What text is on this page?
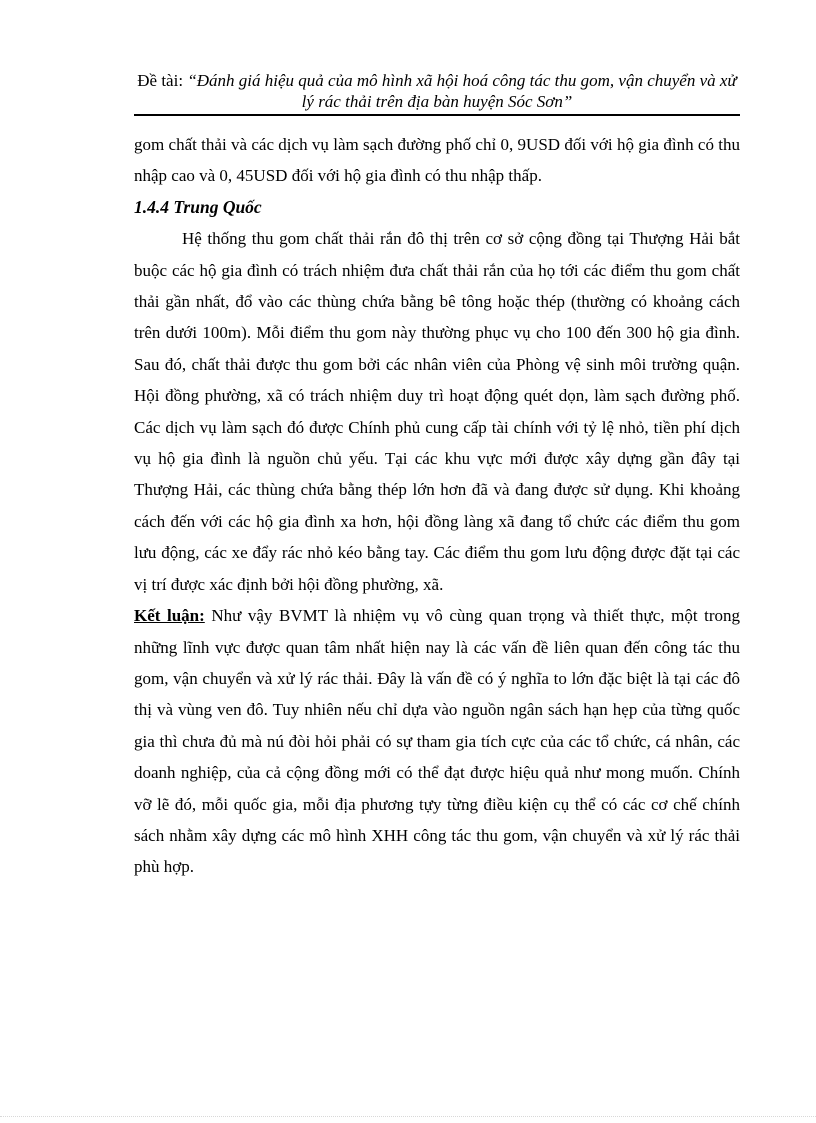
Đề tài: “Đánh giá hiệu quả của mô hình xã hội hoá công tác thu gom, vận chuyển và xử lý rác thải trên địa bàn huyện Sóc Sơn”

gom chất thải và các dịch vụ làm sạch đường phố chỉ 0, 9USD đối với hộ gia đình có thu nhập cao và 0, 45USD đối với hộ gia đình có thu nhập thấp.

1.4.4 Trung Quốc

Hệ thống thu gom chất thải rắn đô thị trên cơ sở cộng đồng tại Thượng Hải bắt buộc các hộ gia đình có trách nhiệm đưa chất thải rắn của họ tới các điểm thu gom chất thải gần nhất, đổ vào các thùng chứa bằng bê tông hoặc thép (thường có khoảng cách trên dưới 100m). Mỗi điểm thu gom này thường phục vụ cho 100 đến 300 hộ gia đình. Sau đó, chất thải được thu gom bởi các nhân viên của Phòng vệ sinh môi trường quận. Hội đồng phường, xã có trách nhiệm duy trì hoạt động quét dọn, làm sạch đường phố. Các dịch vụ làm sạch đó được Chính phủ cung cấp tài chính với tỷ lệ nhỏ, tiền phí dịch vụ hộ gia đình là nguồn chủ yếu. Tại các khu vực mới được xây dựng gần đây tại Thượng Hải, các thùng chứa bằng thép lớn hơn đã và đang được sử dụng. Khi khoảng cách đến với các hộ gia đình xa hơn, hội đồng làng xã đang tổ chức các điểm thu gom lưu động, các xe đẩy rác nhỏ kéo bằng tay. Các điểm thu gom lưu động được đặt tại các vị trí được xác định bởi hội đồng phường, xã.

Kết luận: Như vậy BVMT là nhiệm vụ vô cùng quan trọng và thiết thực, một trong những lĩnh vực được quan tâm nhất hiện nay là các vấn đề liên quan đến công tác thu gom, vận chuyển và xử lý rác thải. Đây là vấn đề có ý nghĩa to lớn đặc biệt là tại các đô thị và vùng ven đô. Tuy nhiên nếu chỉ dựa vào nguồn ngân sách hạn hẹp của từng quốc gia thì chưa đủ mà nú đòi hỏi phải có sự tham gia tích cực của các tổ chức, cá nhân, các doanh nghiệp, của cả cộng đồng mới có thể đạt được hiệu quả như mong muốn. Chính vỡ lẽ đó, mỗi quốc gia, mỗi địa phương tựy từng điều kiện cụ thể có các cơ chế chính sách nhằm xây dựng các mô hình XHH công tác thu gom, vận chuyển và xử lý rác thải phù hợp.
